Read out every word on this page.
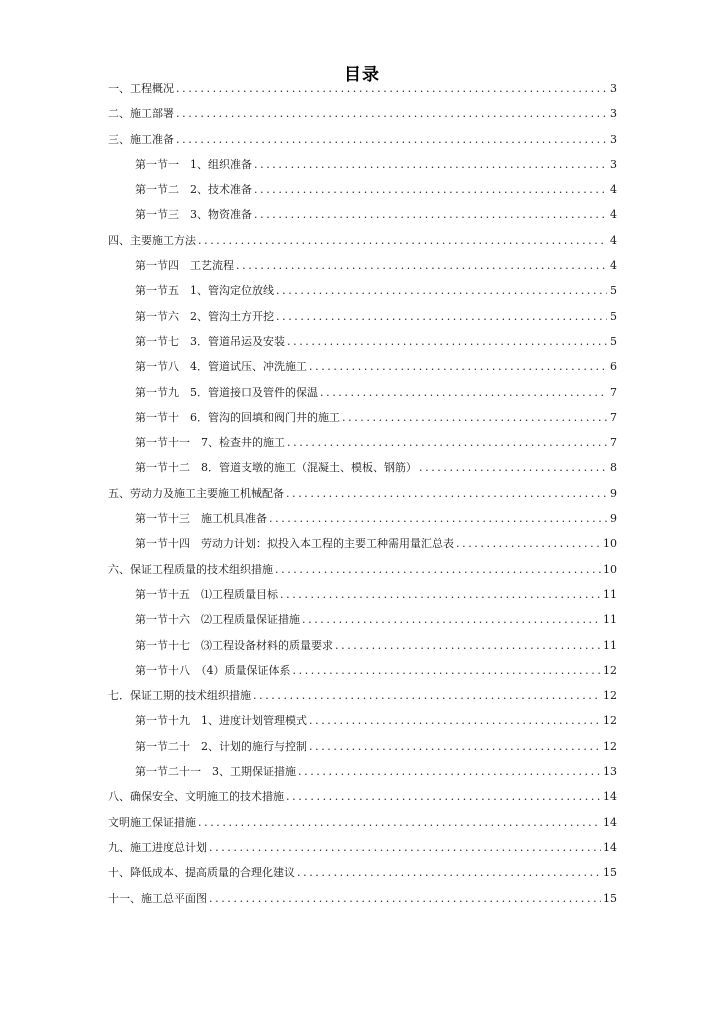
目录
一、工程概况 .....	3
二、施工部署 .....	3
三、施工准备 .....	3
第一节一　1、组织准备 .....	3
第一节二　2、技术准备 .....	4
第一节三　3、物资准备 .....	4
四、主要施工方法 .....	4
第一节四　工艺流程 .....	4
第一节五　1、管沟定位放线 .....	5
第一节六　2、管沟土方开挖 .....	5
第一节七　3．管道吊运及安装 .....	5
第一节八　4．管道试压、冲洗施工 .....	6
第一节九　5．管道接口及管件的保温 .....	7
第一节十　6．管沟的回填和阀门井的施工 .....	7
第一节十一　7、检查井的施工 .....	7
第一节十二　8．管道支墩的施工（混凝土、模板、钢筋） .....	8
五、劳动力及施工主要施工机械配备 .....	9
第一节十三　施工机具准备 .....	9
第一节十四　劳动力计划：拟投入本工程的主要工种需用量汇总表 .....	10
六、保证工程质量的技术组织措施 .....	10
第一节十五　⑴工程质量目标 .....	11
第一节十六　⑵工程质量保证措施 .....	11
第一节十七　⑶工程设备材料的质量要求 .....	11
第一节十八　（4）质量保证体系 .....	12
七．保证工期的技术组织措施 .....	12
第一节十九　1、进度计划管理模式 .....	12
第一节二十　2、计划的施行与控制 .....	12
第一节二十一　3、工期保证措施 .....	13
八、确保安全、文明施工的技术措施 .....	14
文明施工保证措施 .....	14
九、施工进度总计划 .....	14
十、降低成本、提高质量的合理化建议 .....	15
十一、施工总平面图 .....	15
